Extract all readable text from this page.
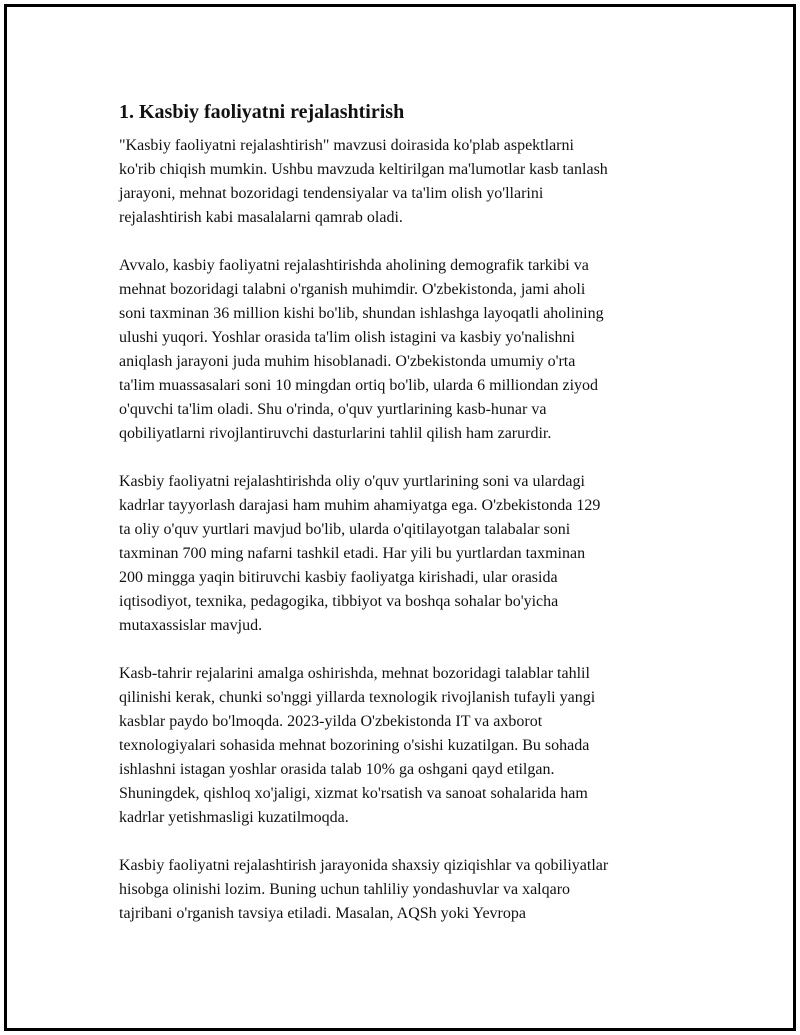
1. Kasbiy faoliyatni rejalashtirish

"Kasbiy faoliyatni rejalashtirish" mavzusi doirasida ko'plab aspektlarni
ko'rib chiqish mumkin. Ushbu mavzuda keltirilgan ma'lumotlar kasb tanlash
jarayoni, mehnat bozoridagi tendensiyalar va ta'lim olish yo'llarini
rejalashtirish kabi masalalarni qamrab oladi.

Avvalo, kasbiy faoliyatni rejalashtirishda aholining demografik tarkibi va
mehnat bozoridagi talabni o'rganish muhimdir. O'zbekistonda, jami aholi
soni taxminan 36 million kishi bo'lib, shundan ishlashga layoqatli aholining
ulushi yuqori. Yoshlar orasida ta'lim olish istagini va kasbiy yo'nalishni
aniqlash jarayoni juda muhim hisoblanadi. O'zbekistonda umumiy o'rta
ta'lim muassasalari soni 10 mingdan ortiq bo'lib, ularda 6 milliondan ziyod
o'quvchi ta'lim oladi. Shu o'rinda, o'quv yurtlarining kasb-hunar va
qobiliyatlarni rivojlantiruvchi dasturlarini tahlil qilish ham zarurdir.

Kasbiy faoliyatni rejalashtirishda oliy o'quv yurtlarining soni va ulardagi
kadrlar tayyorlash darajasi ham muhim ahamiyatga ega. O'zbekistonda 129
ta oliy o'quv yurtlari mavjud bo'lib, ularda o'qitilayotgan talabalar soni
taxminan 700 ming nafarni tashkil etadi. Har yili bu yurtlardan taxminan
200 mingga yaqin bitiruvchi kasbiy faoliyatga kirishadi, ular orasida
iqtisodiyot, texnika, pedagogika, tibbiyot va boshqa sohalar bo'yicha
mutaxassislar mavjud.

Kasb-tahrir rejalarini amalga oshirishda, mehnat bozoridagi talablar tahlil
qilinishi kerak, chunki so'nggi yillarda texnologik rivojlanish tufayli yangi
kasblar paydo bo'lmoqda. 2023-yilda O'zbekistonda IT va axborot
texnologiyalari sohasida mehnat bozorining o'sishi kuzatilgan. Bu sohada
ishlashni istagan yoshlar orasida talab 10% ga oshgani qayd etilgan.
Shuningdek, qishloq xo'jaligi, xizmat ko'rsatish va sanoat sohalarida ham
kadrlar yetishmasligi kuzatilmoqda.

Kasbiy faoliyatni rejalashtirish jarayonida shaxsiy qiziqishlar va qobiliyatlar
hisobga olinishi lozim. Buning uchun tahliliy yondashuvlar va xalqaro
tajribani o'rganish tavsiya etiladi. Masalan, AQSh yoki Yevropa
